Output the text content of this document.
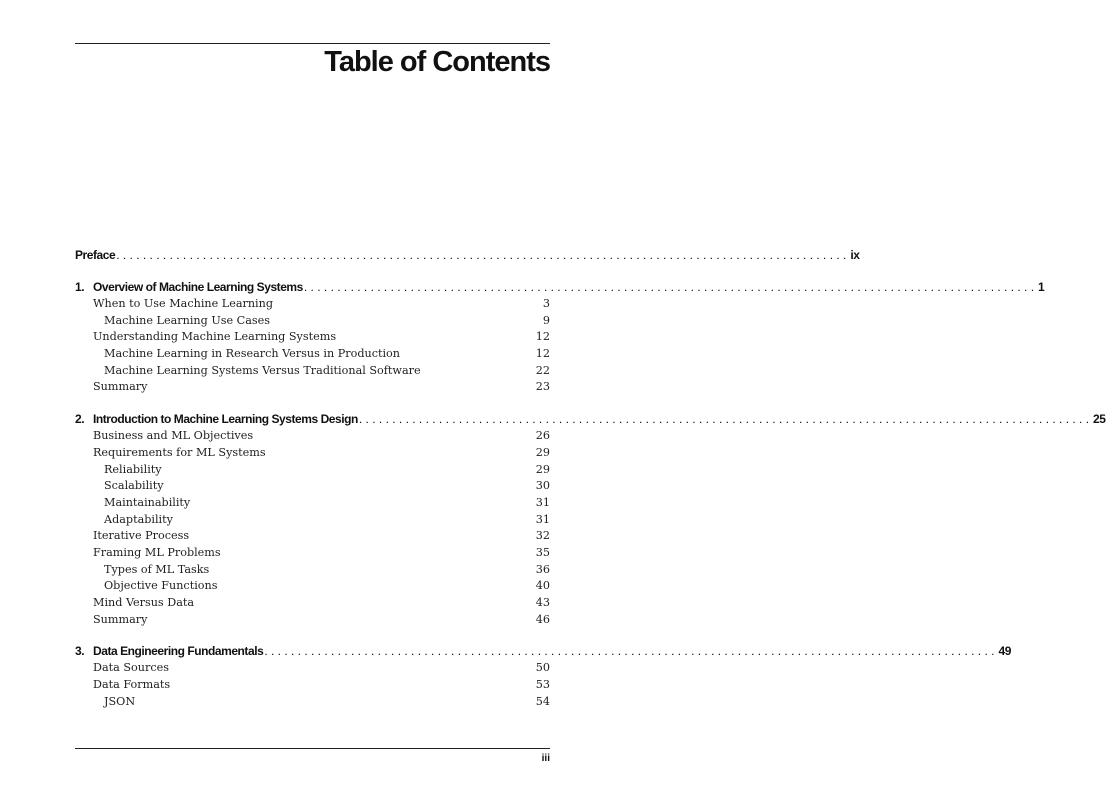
Table of Contents
Preface . . .	ix
1. Overview of Machine Learning Systems . . .	1
When to Use Machine Learning	3
Machine Learning Use Cases	9
Understanding Machine Learning Systems	12
Machine Learning in Research Versus in Production	12
Machine Learning Systems Versus Traditional Software	22
Summary	23
2. Introduction to Machine Learning Systems Design . . .	25
Business and ML Objectives	26
Requirements for ML Systems	29
Reliability	29
Scalability	30
Maintainability	31
Adaptability	31
Iterative Process	32
Framing ML Problems	35
Types of ML Tasks	36
Objective Functions	40
Mind Versus Data	43
Summary	46
3. Data Engineering Fundamentals . . .	49
Data Sources	50
Data Formats	53
JSON	54
iii
